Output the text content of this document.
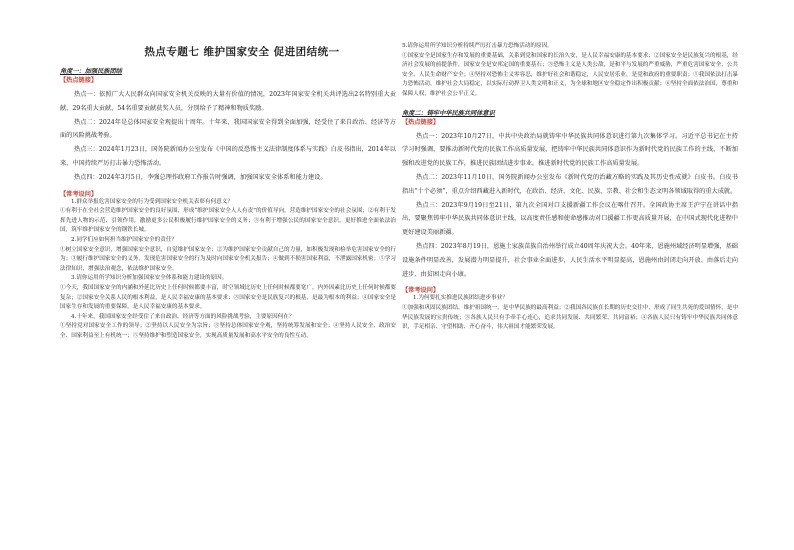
热点专题七 维护国家安全 促进团结统一

角度一：加强民族团结

【热点链接】

热点一：依照广大人民群众向国家安全机关反映的大量有价值的情况，2023年国家安全机关共评选出2名特别重大贡献、29名重大贡献、54名重要贡献获奖人员，分别给予了精神和物质奖励。

热点二：2024年是总体国家安全观提出十周年。十年来，我国国家安全得到全面加强，经受住了来自政治、经济等方面的风险挑战考验。

热点三：2024年1月23日，国务院新闻办公室发布《中国的反恐怖主义法律制度体系与实践》白皮书指出，2014年以来，中国持续严厉打击暴力恐怖活动。

热点四：2024年3月5日，李强总理作政府工作报告时强调，加强国家安全体系和能力建设。

【常考设问】

1.群众举报危害国家安全的行为受到国家安全机关表彰有何意义？

①有利于在全社会营造维护国家安全的良好氛围，形成“维护国家安全人人有责”的价值导向，营造维护国家安全的社会氛围；②有利于发挥先进人物的示范、引领作用，激励更多公民积极履行维护国家安全的义务；③有利于增强公民的国家安全意识，更好推进全面依法治国，筑牢维护国家安全的钢铁长城。

2.同学们应如何担当维护国家安全的责任？

①树立国家安全意识，增强国家安全意识，自觉维护国家安全；②为维护国家安全贡献自己的力量，如积极发现和检举危害国家安全的行为；③履行维护国家安全的义务，发现危害国家安全的行为及时向国家安全机关报告；④做到不损害国家利益，不泄露国家机密；⑤学习法律知识，增强法治观念，依法维护国家安全。

3.请你运用所学知识分析加强国家安全体系和能力建设的原因。

①今天，我国国家安全的内涵和外延比历史上任何时候都要丰富，时空领域比历史上任何时候都要宽广，内外因素比历史上任何时候都要复杂；②国家安全关系人民的根本利益，是人民幸福安康的基本要求；③国家安全是民族复兴的根基，是最为根本的利益；④国家安全是国家生存和发展的重要保障，是人民幸福安康的基本要求。

4.十年来，我国国家安全经受住了来自政治、经济等方面的风险挑战考验，主要原因何在？

①坚持党对国家安全工作的领导；②坚持以人民安全为宗旨；③坚持总体国家安全观，坚持统筹发展和安全；④坚持人民安全、政治安全、国家利益至上有机统一；⑤坚持维护和塑造国家安全，实现高质量发展和高水平安全的良性互动。

5.请你运用所学知识分析持续严厉打击暴力恐怖活动的原因。

①国家安全是国家生存和发展的重要基础，关系到党和国家的长治久安，是人民幸福安康的基本要求；②国家安全是民族复兴的根基，经济社会发展的前提条件，国家安全是安邦定国的重要基石；③恐怖主义是人类公敌，是和平与发展的严重威胁，严重危害国家安全、公共安全、人民生命财产安全；④坚持对恐怖主义零容忍，维护好社会和谐稳定，人民安居乐业，是党和政府的重要职责；⑤我国依法打击暴力恐怖活动，维护社会大局稳定，以实际行动捍卫人类文明和正义，为全球和地区安全稳定作出积极贡献；⑥坚持全面依法治国，尊重和保障人权，维护社会公平正义。

角度二：铸牢中华民族共同体意识

【热点链接】

热点一：2023年10月27日，中共中央政治局就铸牢中华民族共同体意识进行第九次集体学习。习近平总书记在主持学习时强调，要推动新时代党的民族工作高质量发展，把铸牢中华民族共同体意识作为新时代党的民族工作的主线，不断加强和改进党的民族工作，推进民族团结进步事业，推进新时代党的民族工作高质量发展。

热点二：2023年11月10日，国务院新闻办公室发布《新时代党的治藏方略的实践及其历史性成就》白皮书。白皮书指出“十个必须”，重点介绍西藏进入新时代，在政治、经济、文化、民族、宗教、社会和生态文明各领域取得的重大成就。

热点三：2023年9月19日至21日，第九次全国对口支援新疆工作会议在喀什召开。全国政协主席王沪宁在讲话中指出，要聚焦铸牢中华民族共同体意识主线，以高度责任感和使命感推动对口援疆工作更高质量开展，在中国式现代化进程中更好建设美丽新疆。

热点四：2023年8月19日，恩施土家族苗族自治州举行成立40周年庆祝大会。40年来，恩施州域经济明显增强，基础设施条件明显改善，发展潜力明显提升，社会事业全面进步，人民生活水平明显提高，恩施州由封闭走向开放、由落后走向进步、由贫困走向小康。

【常考设问】

1.为何要扎实推进民族团结进步事业？

①加强和巩固民族团结，维护祖国统一，是中华民族的最高利益；②我国各民族在长期的历史交往中，形成了同生共死的爱国情怀，是中华民族发展的宝贵传统；③各族人民只有手牵手心连心，追求共同发展、共同繁荣、共同富裕；④各族人民只有铸牢中华民族共同体意识，手足相亲、守望相助、齐心奋斗，伟大祖国才能繁荣发展。
